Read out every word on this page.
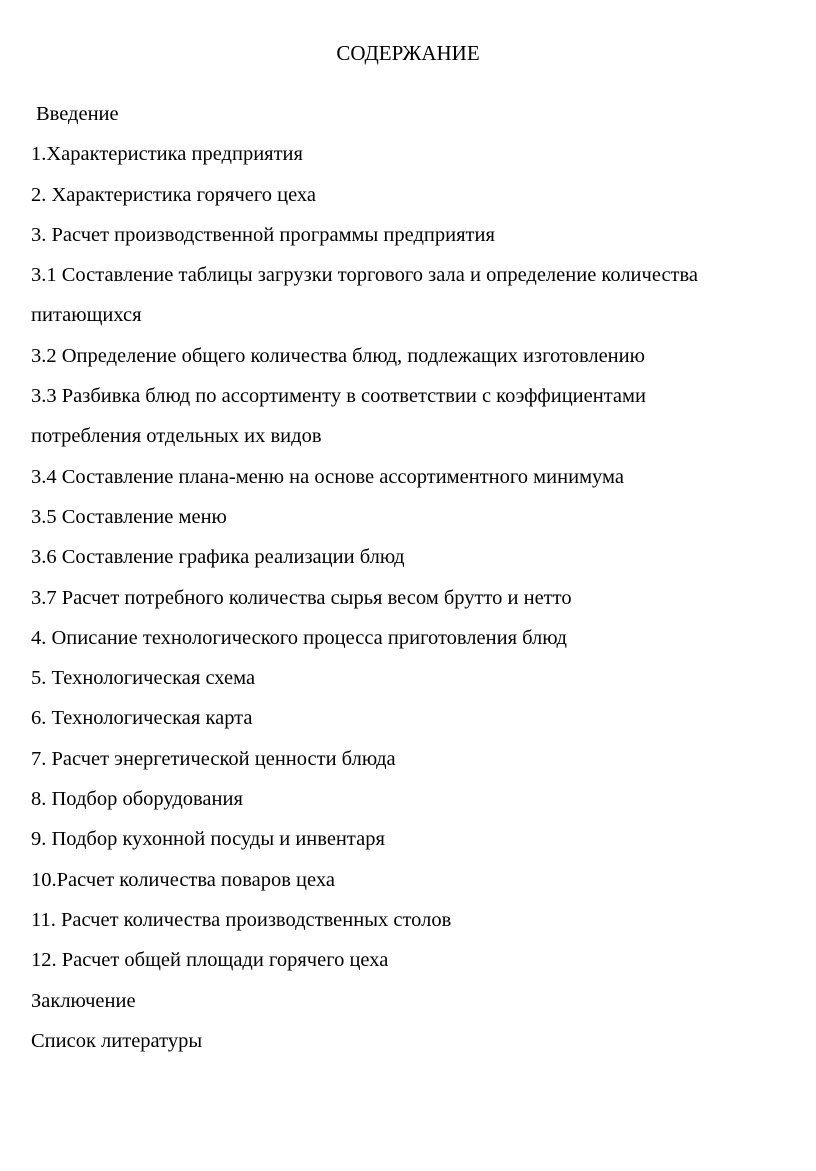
СОДЕРЖАНИЕ
Введение
1.Характеристика предприятия
2. Характеристика горячего цеха
3. Расчет производственной программы предприятия
3.1 Составление таблицы загрузки торгового зала и определение количества
питающихся
3.2 Определение общего количества блюд, подлежащих изготовлению
3.3 Разбивка блюд по ассортименту в соответствии с коэффициентами
потребления отдельных их видов
3.4 Составление плана-меню на основе ассортиментного минимума
3.5 Составление меню
3.6 Составление графика реализации блюд
3.7 Расчет потребного количества сырья весом брутто и нетто
4. Описание технологического процесса приготовления блюд
5. Технологическая схема
6. Технологическая карта
7. Расчет энергетической ценности блюда
8. Подбор оборудования
9. Подбор кухонной посуды и инвентаря
10.Расчет количества поваров цеха
11. Расчет количества производственных столов
12. Расчет общей площади горячего цеха
Заключение
Список литературы
